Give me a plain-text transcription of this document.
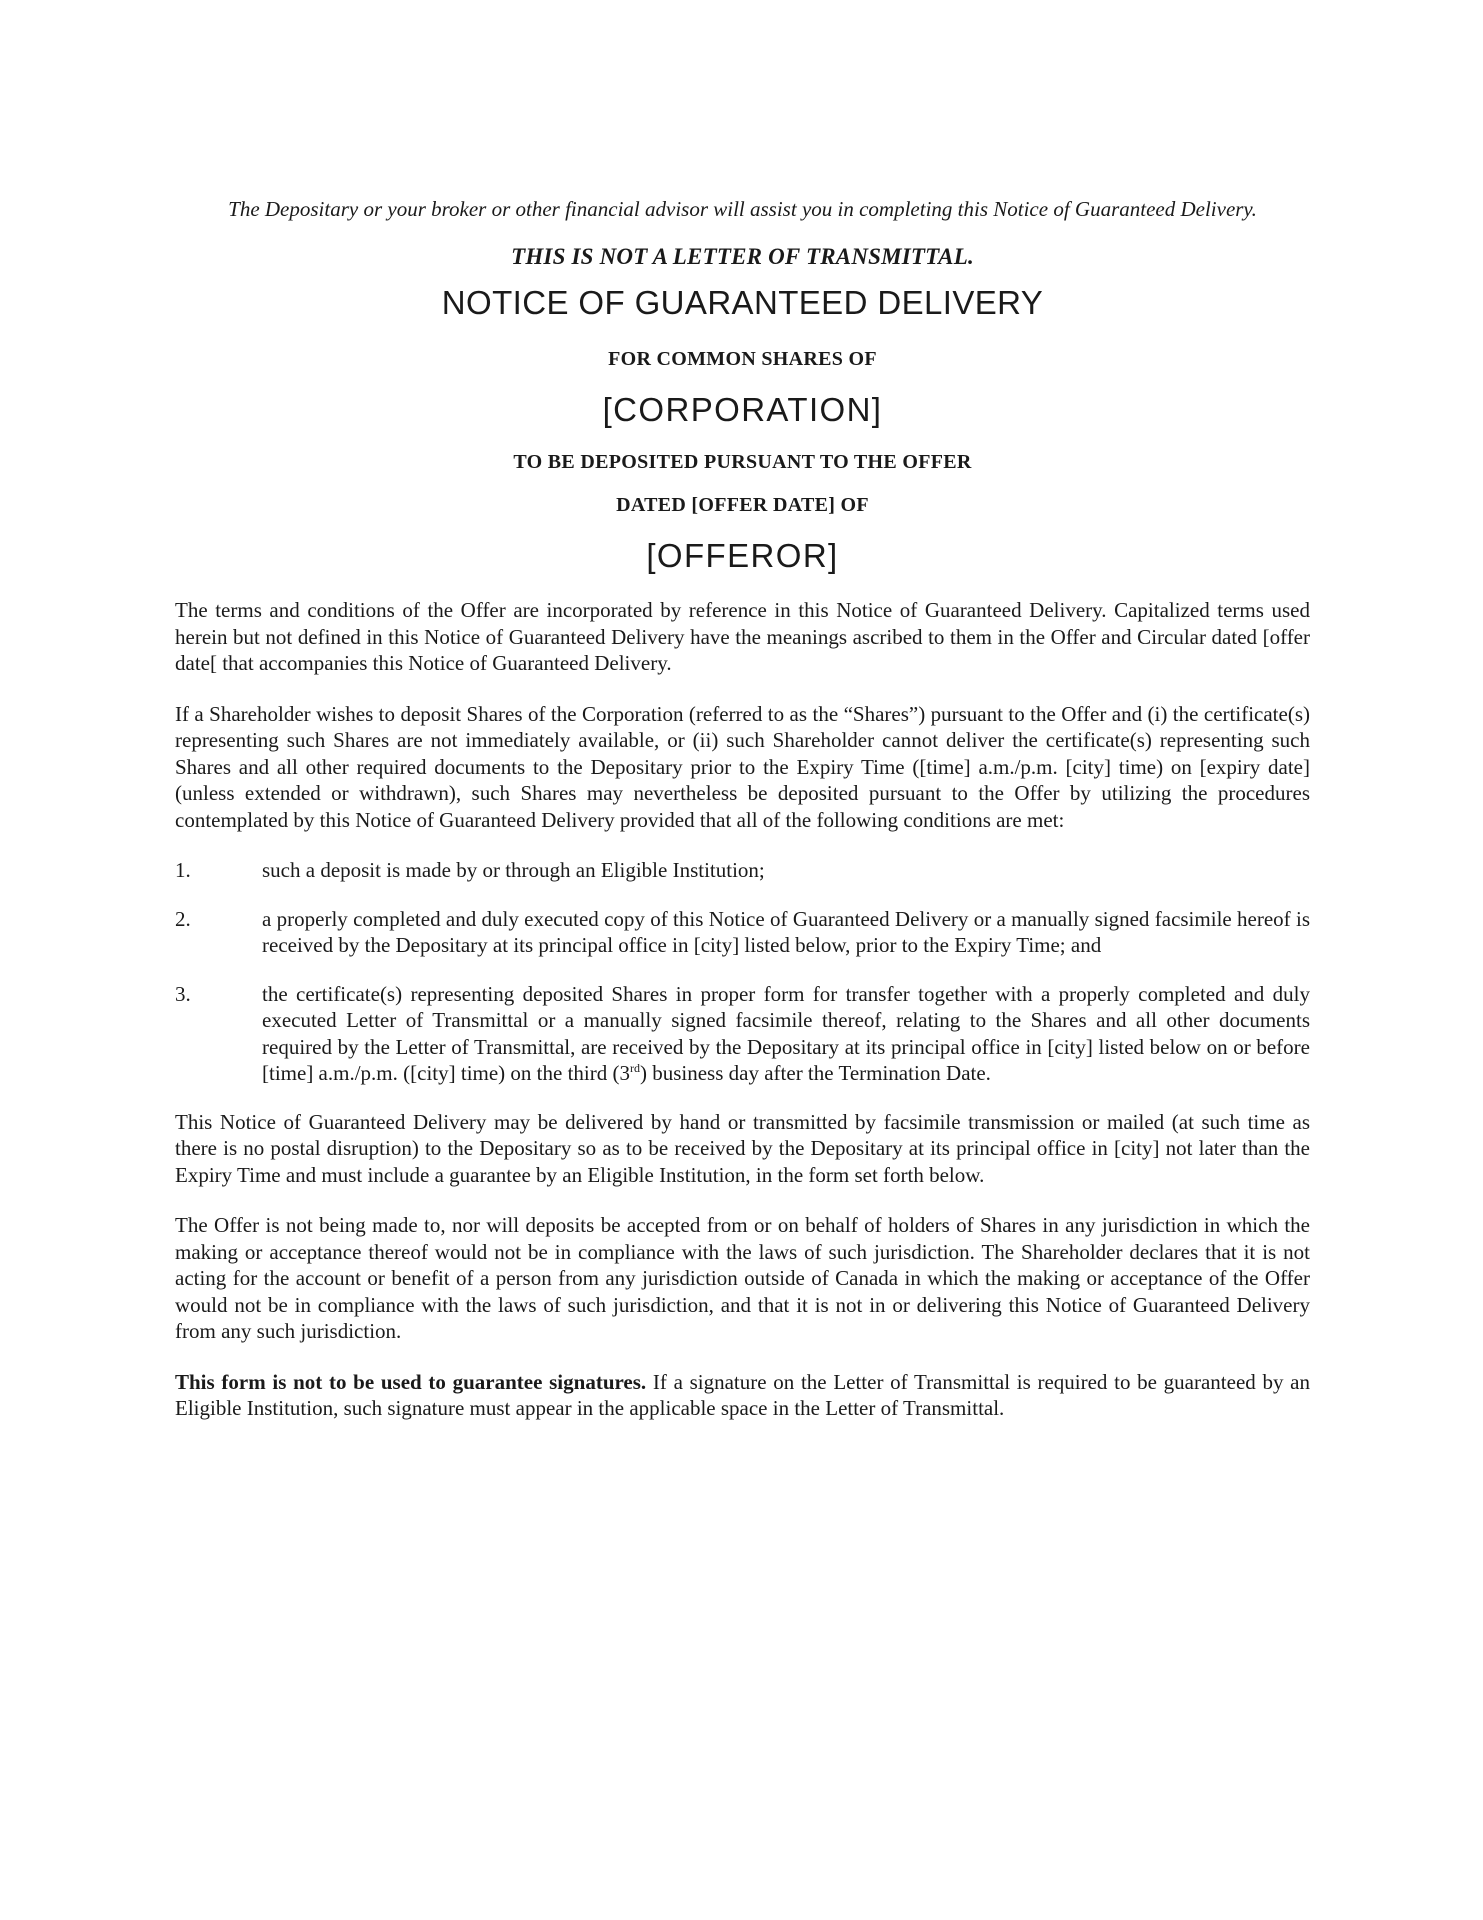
The Depositary or your broker or other financial advisor will assist you in completing this Notice of Guaranteed Delivery.

THIS IS NOT A LETTER OF TRANSMITTAL.

NOTICE OF GUARANTEED DELIVERY

FOR COMMON SHARES OF

[CORPORATION]

TO BE DEPOSITED PURSUANT TO THE OFFER

DATED [OFFER DATE] OF

[OFFEROR]

The terms and conditions of the Offer are incorporated by reference in this Notice of Guaranteed Delivery. Capitalized terms used herein but not defined in this Notice of Guaranteed Delivery have the meanings ascribed to them in the Offer and Circular dated [offer date[ that accompanies this Notice of Guaranteed Delivery.

If a Shareholder wishes to deposit Shares of the Corporation (referred to as the “Shares”) pursuant to the Offer and (i) the certificate(s) representing such Shares are not immediately available, or (ii) such Shareholder cannot deliver the certificate(s) representing such Shares and all other required documents to the Depositary prior to the Expiry Time ([time] a.m./p.m. [city] time) on [expiry date] (unless extended or withdrawn), such Shares may nevertheless be deposited pursuant to the Offer by utilizing the procedures contemplated by this Notice of Guaranteed Delivery provided that all of the following conditions are met:

1.	such a deposit is made by or through an Eligible Institution;
2.	a properly completed and duly executed copy of this Notice of Guaranteed Delivery or a manually signed facsimile hereof is received by the Depositary at its principal office in [city] listed below, prior to the Expiry Time; and
3.	the certificate(s) representing deposited Shares in proper form for transfer together with a properly completed and duly executed Letter of Transmittal or a manually signed facsimile thereof, relating to the Shares and all other documents required by the Letter of Transmittal, are received by the Depositary at its principal office in [city] listed below on or before [time] a.m./p.m. ([city] time) on the third (3rd) business day after the Termination Date.

This Notice of Guaranteed Delivery may be delivered by hand or transmitted by facsimile transmission or mailed (at such time as there is no postal disruption) to the Depositary so as to be received by the Depositary at its principal office in [city] not later than the Expiry Time and must include a guarantee by an Eligible Institution, in the form set forth below.

The Offer is not being made to, nor will deposits be accepted from or on behalf of holders of Shares in any jurisdiction in which the making or acceptance thereof would not be in compliance with the laws of such jurisdiction. The Shareholder declares that it is not acting for the account or benefit of a person from any jurisdiction outside of Canada in which the making or acceptance of the Offer would not be in compliance with the laws of such jurisdiction, and that it is not in or delivering this Notice of Guaranteed Delivery from any such jurisdiction.

This form is not to be used to guarantee signatures. If a signature on the Letter of Transmittal is required to be guaranteed by an Eligible Institution, such signature must appear in the applicable space in the Letter of Transmittal.
